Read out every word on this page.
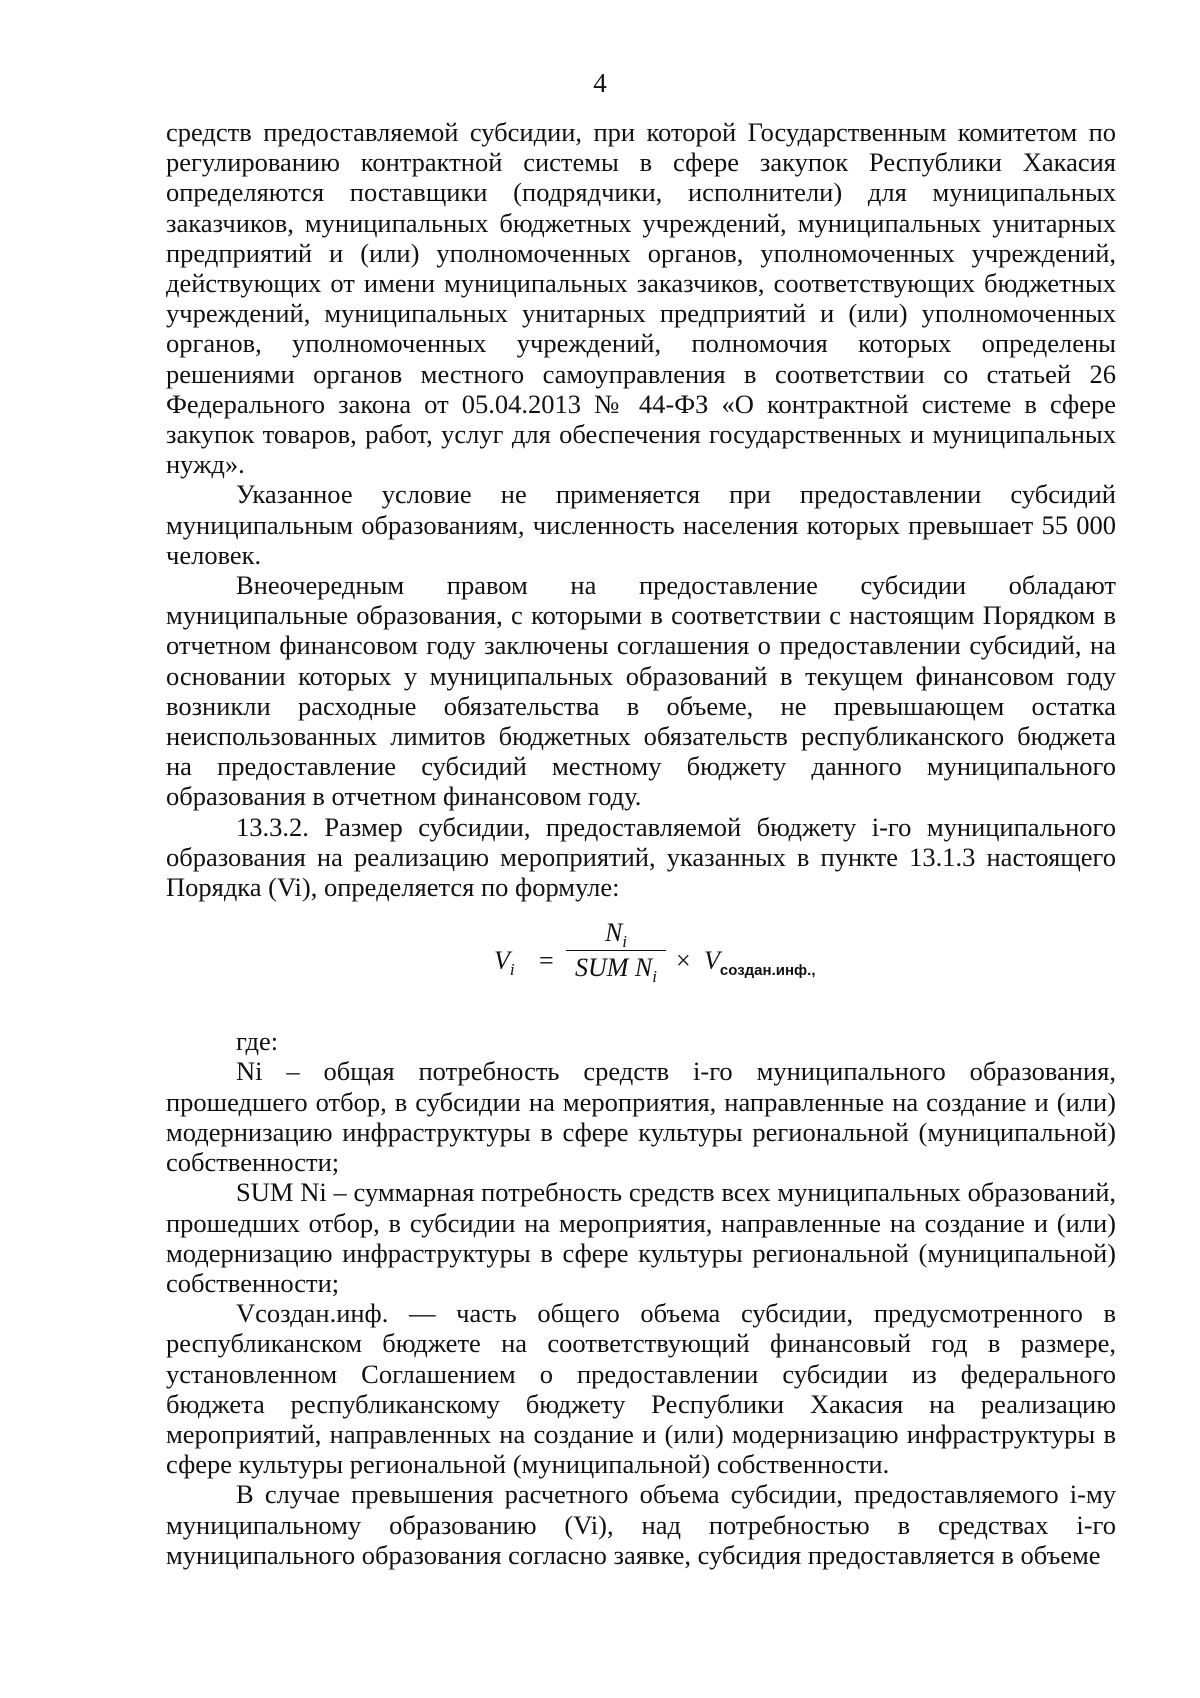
4

средств предоставляемой субсидии, при которой Государственным комитетом по регулированию контрактной системы в сфере закупок Республики Хакасия определяются поставщики (подрядчики, исполнители) для муниципальных заказчиков, муниципальных бюджетных учреждений, муниципальных унитарных предприятий и (или) уполномоченных органов, уполномоченных учреждений, действующих от имени муниципальных заказчиков, соответствующих бюджетных учреждений, муниципальных унитарных предприятий и (или) уполномоченных органов, уполномоченных учреждений, полномочия которых определены решениями органов местного самоуправления в соответствии со статьей 26 Федерального закона от 05.04.2013 № 44-ФЗ «О контрактной системе в сфере закупок товаров, работ, услуг для обеспечения государственных и муниципальных нужд».

Указанное условие не применяется при предоставлении субсидий муниципальным образованиям, численность населения которых превышает 55 000 человек.

Внеочередным правом на предоставление субсидии обладают муниципальные образования, с которыми в соответствии с настоящим Порядком в отчетном финансовом году заключены соглашения о предоставлении субсидий, на основании которых у муниципальных образований в текущем финансовом году возникли расходные обязательства в объеме, не превышающем остатка неиспользованных лимитов бюджетных обязательств республиканского бюджета на предоставление субсидий местному бюджету данного муниципального образования в отчетном финансовом году.

13.3.2. Размер субсидии, предоставляемой бюджету i-го муниципального образования на реализацию мероприятий, указанных в пункте 13.1.3 настоящего Порядка (Vi), определяется по формуле:

$V_i$ =
$N_i$
SUM $N_i$
× $V_{создан.инф.,}$

где:

Ni – общая потребность средств i-го муниципального образования, прошедшего отбор, в субсидии на мероприятия, направленные на создание и (или) модернизацию инфраструктуры в сфере культуры региональной (муниципальной) собственности;

SUM Ni – суммарная потребность средств всех муниципальных образований, прошедших отбор, в субсидии на мероприятия, направленные на создание и (или) модернизацию инфраструктуры в сфере культуры региональной (муниципальной) собственности;

Vсоздан.инф. — часть общего объема субсидии, предусмотренного в республиканском бюджете на соответствующий финансовый год в размере, установленном Соглашением о предоставлении субсидии из федерального бюджета республиканскому бюджету Республики Хакасия на реализацию мероприятий, направленных на создание и (или) модернизацию инфраструктуры в сфере культуры региональной (муниципальной) собственности.

В случае превышения расчетного объема субсидии, предоставляемого i-му муниципальному образованию (Vi), над потребностью в средствах i-го муниципального образования согласно заявке, субсидия предоставляется в объеме
